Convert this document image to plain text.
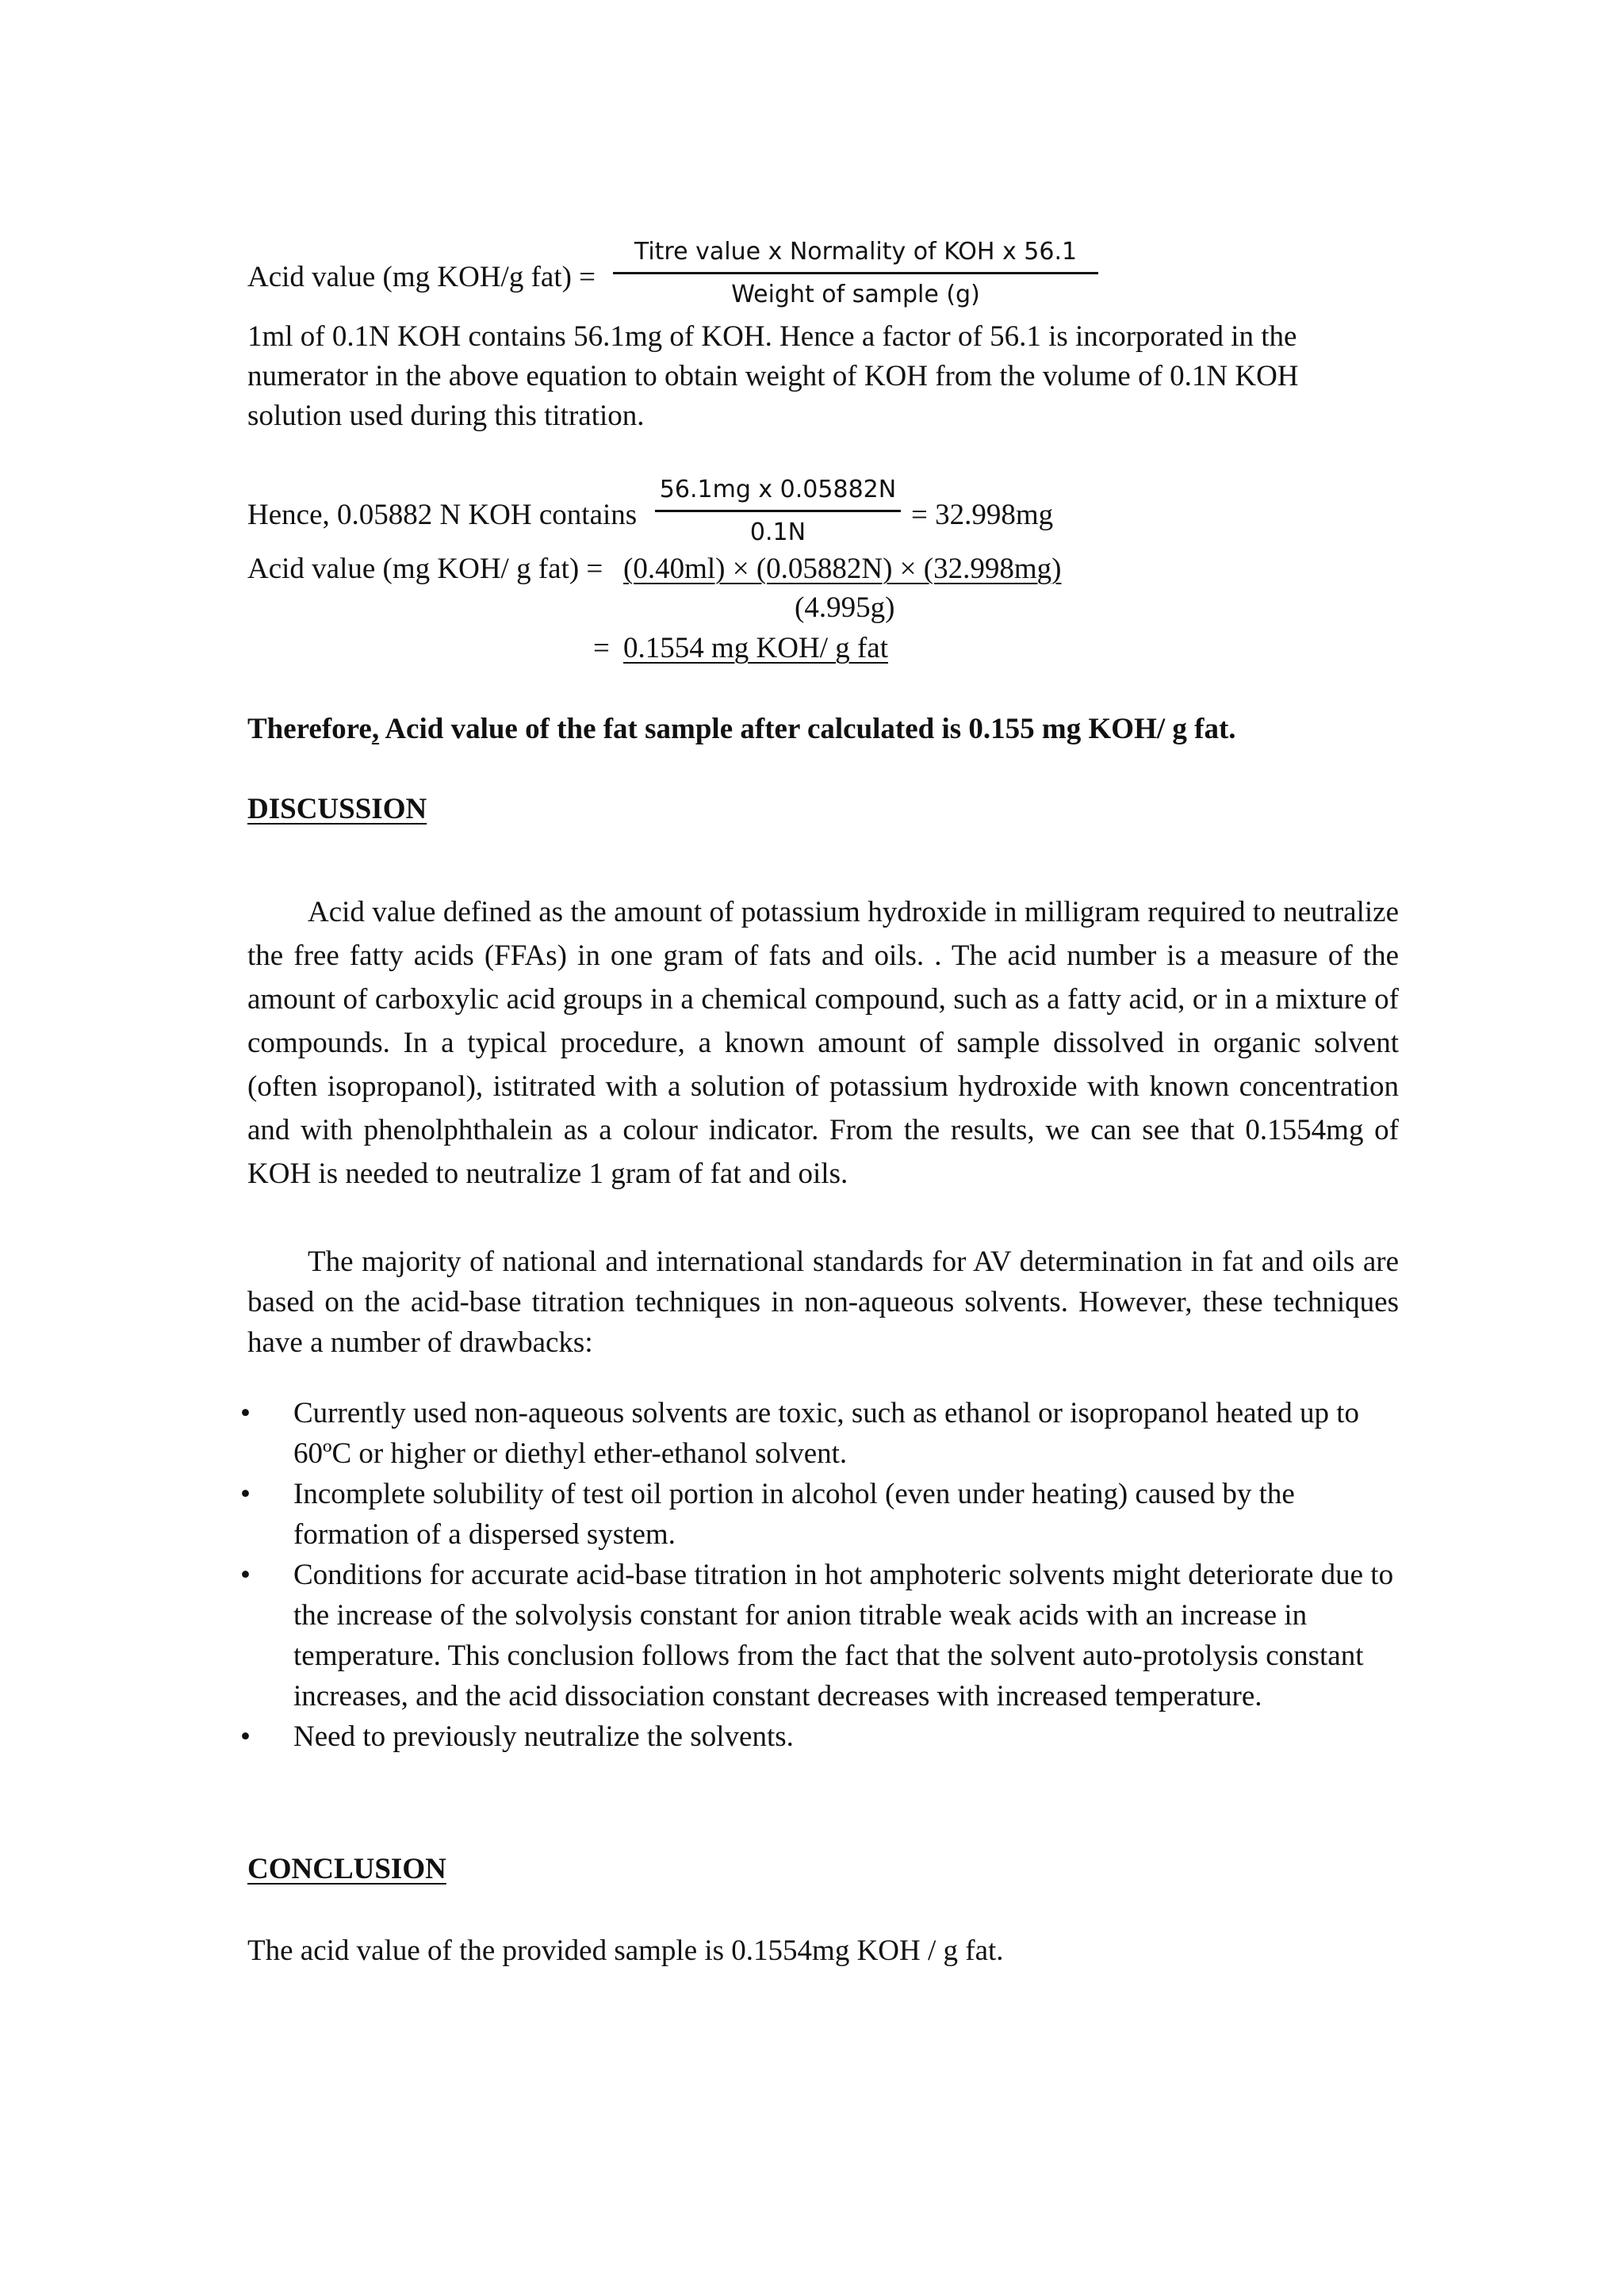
Acid value (mg KOH/g fat) =
Titre value x Normality of KOH x 56.1
Weight of sample (g)
1ml of 0.1N KOH contains 56.1mg of KOH. Hence a factor of 56.1 is incorporated in the numerator in the above equation to obtain weight of KOH from the volume of 0.1N KOH solution used during this titration.
Hence, 0.05882 N KOH contains
56.1mg x 0.05882N
0.1N
= 32.998mg
Acid value (mg KOH/ g fat) = (0.40ml) × (0.05882N) × (32.998mg)
(4.995g)
= 0.1554 mg KOH/ g fat
Therefore, Acid value of the fat sample after calculated is 0.155 mg KOH/ g fat.
DISCUSSION
Acid value defined as the amount of potassium hydroxide in milligram required to neutralize the free fatty acids (FFAs) in one gram of fats and oils. . The acid number is a measure of the amount of carboxylic acid groups in a chemical compound, such as a fatty acid, or in a mixture of compounds. In a typical procedure, a known amount of sample dissolved in organic solvent (often isopropanol), istitrated with a solution of potassium hydroxide with known concentration and with phenolphthalein as a colour indicator. From the results, we can see that 0.1554mg of KOH is needed to neutralize 1 gram of fat and oils.
The majority of national and international standards for AV determination in fat and oils are based on the acid-base titration techniques in non-aqueous solvents. However, these techniques have a number of drawbacks:
• Currently used non-aqueous solvents are toxic, such as ethanol or isopropanol heated up to 60ºC or higher or diethyl ether-ethanol solvent.
• Incomplete solubility of test oil portion in alcohol (even under heating) caused by the formation of a dispersed system.
• Conditions for accurate acid-base titration in hot amphoteric solvents might deteriorate due to the increase of the solvolysis constant for anion titrable weak acids with an increase in temperature. This conclusion follows from the fact that the solvent auto-protolysis constant increases, and the acid dissociation constant decreases with increased temperature.
• Need to previously neutralize the solvents.
CONCLUSION
The acid value of the provided sample is 0.1554mg KOH / g fat.
